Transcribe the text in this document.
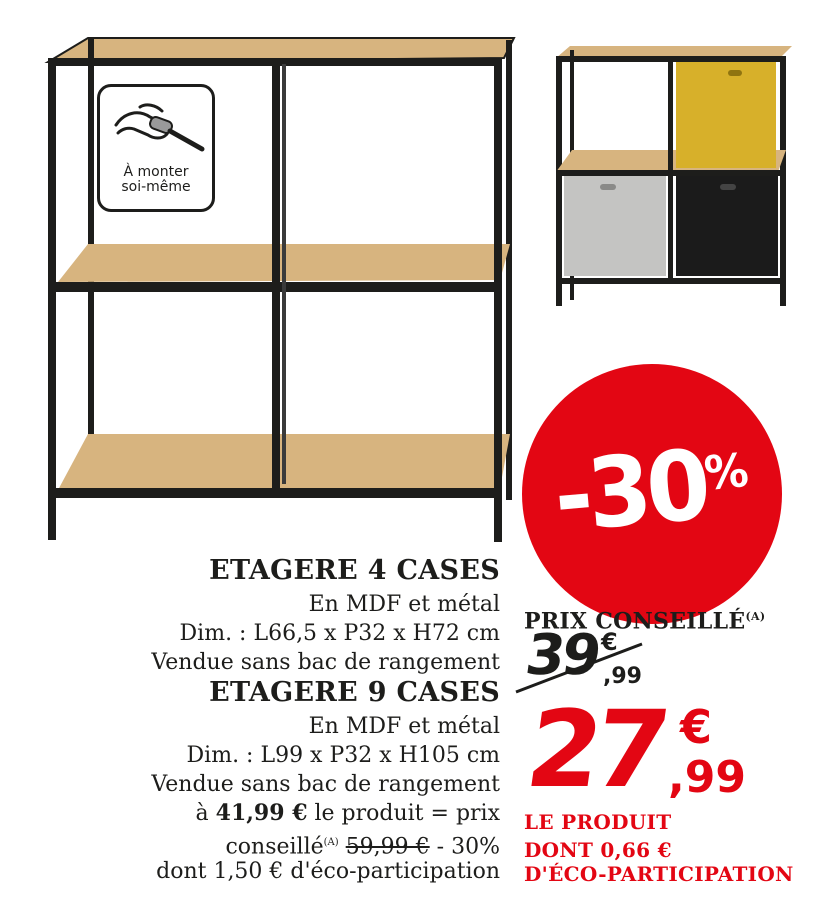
À monter
soi-même
-30%
ETAGERE 4 CASES
En MDF et métal
Dim. : L66,5 x P32 x H72 cm
Vendue sans bac de rangement
ETAGERE 9 CASES
En MDF et métal
Dim. : L99 x P32 x H105 cm
Vendue sans bac de rangement
à 41,99 € le produit = prix
conseillé$^{(A)}$ 59,99 € - 30%
dont 1,50 € d'éco-participation
PRIX $CONSEILLÉ^{(A)}$
39
€
,99
27 €
,99
LE PRODUIT
DONT 0,66 €
D'ÉCO-PARTICIPATION
